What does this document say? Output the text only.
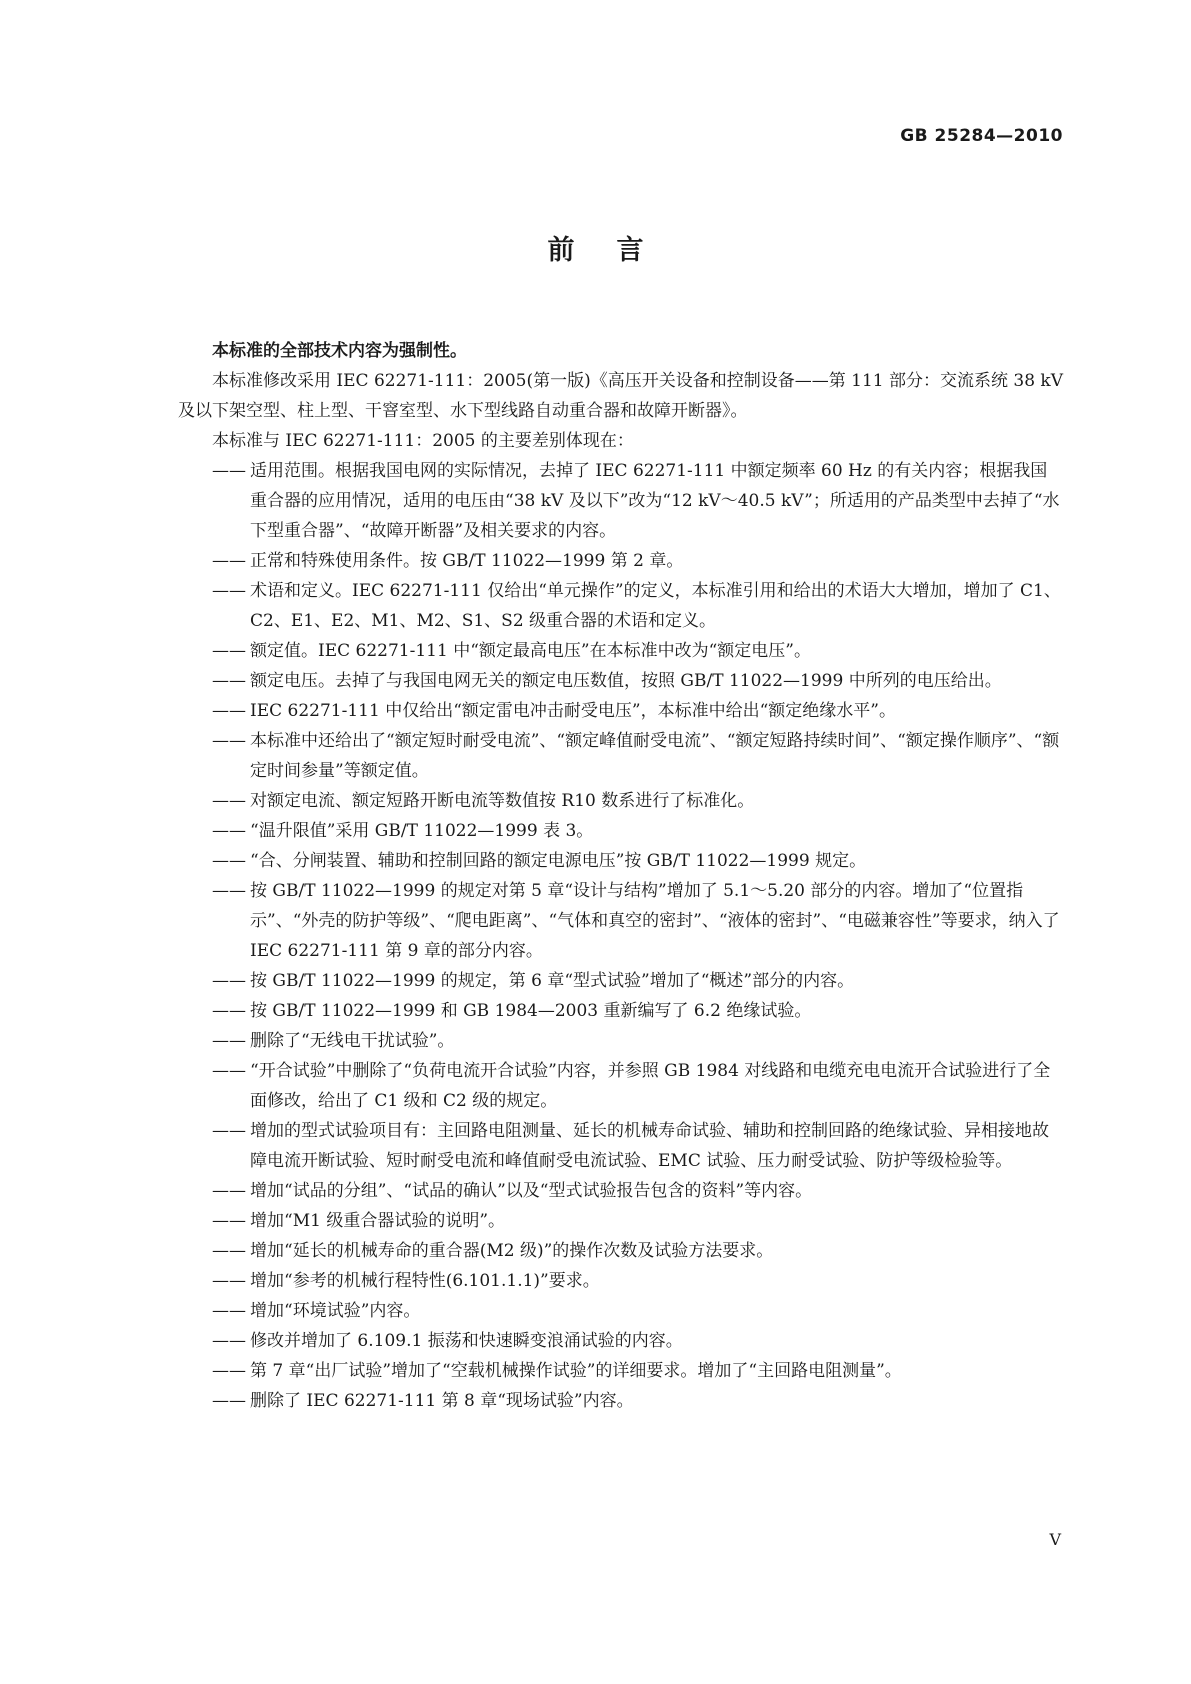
GB 25284—2010
前言

本标准的全部技术内容为强制性。

本标准修改采用 IEC 62271-111：2005(第一版)《高压开关设备和控制设备——第 111 部分：交流系统 38 kV 及以下架空型、柱上型、干窨室型、水下型线路自动重合器和故障开断器》。

本标准与 IEC 62271-111：2005 的主要差别体现在：

—— 适用范围。根据我国电网的实际情况，去掉了 IEC 62271-111 中额定频率 60 Hz 的有关内容；根据我国重合器的应用情况，适用的电压由“38 kV 及以下”改为“12 kV～40.5 kV”；所适用的产品类型中去掉了“水下型重合器”、“故障开断器”及相关要求的内容。
—— 正常和特殊使用条件。按 GB/T 11022—1999 第 2 章。
—— 术语和定义。IEC 62271-111 仅给出“单元操作”的定义，本标准引用和给出的术语大大增加，增加了 C1、C2、E1、E2、M1、M2、S1、S2 级重合器的术语和定义。
—— 额定值。IEC 62271-111 中“额定最高电压”在本标准中改为“额定电压”。
—— 额定电压。去掉了与我国电网无关的额定电压数值，按照 GB/T 11022—1999 中所列的电压给出。
—— IEC 62271-111 中仅给出“额定雷电冲击耐受电压”，本标准中给出“额定绝缘水平”。
—— 本标准中还给出了“额定短时耐受电流”、“额定峰值耐受电流”、“额定短路持续时间”、“额定操作顺序”、“额定时间参量”等额定值。
—— 对额定电流、额定短路开断电流等数值按 R10 数系进行了标准化。
—— “温升限值”采用 GB/T 11022—1999 表 3。
—— “合、分闸装置、辅助和控制回路的额定电源电压”按 GB/T 11022—1999 规定。
—— 按 GB/T 11022—1999 的规定对第 5 章“设计与结构”增加了 5.1～5.20 部分的内容。增加了“位置指示”、“外壳的防护等级”、“爬电距离”、“气体和真空的密封”、“液体的密封”、“电磁兼容性”等要求，纳入了 IEC 62271-111 第 9 章的部分内容。
—— 按 GB/T 11022—1999 的规定，第 6 章“型式试验”增加了“概述”部分的内容。
—— 按 GB/T 11022—1999 和 GB 1984—2003 重新编写了 6.2 绝缘试验。
—— 删除了“无线电干扰试验”。
—— “开合试验”中删除了“负荷电流开合试验”内容，并参照 GB 1984 对线路和电缆充电电流开合试验进行了全面修改，给出了 C1 级和 C2 级的规定。
—— 增加的型式试验项目有：主回路电阻测量、延长的机械寿命试验、辅助和控制回路的绝缘试验、异相接地故障电流开断试验、短时耐受电流和峰值耐受电流试验、EMC 试验、压力耐受试验、防护等级检验等。
—— 增加“试品的分组”、“试品的确认”以及“型式试验报告包含的资料”等内容。
—— 增加“M1 级重合器试验的说明”。
—— 增加“延长的机械寿命的重合器(M2 级)”的操作次数及试验方法要求。
—— 增加“参考的机械行程特性(6.101.1.1)”要求。
—— 增加“环境试验”内容。
—— 修改并增加了 6.109.1 振荡和快速瞬变浪涌试验的内容。
—— 第 7 章“出厂试验”增加了“空载机械操作试验”的详细要求。增加了“主回路电阻测量”。
—— 删除了 IEC 62271-111 第 8 章“现场试验”内容。
V
